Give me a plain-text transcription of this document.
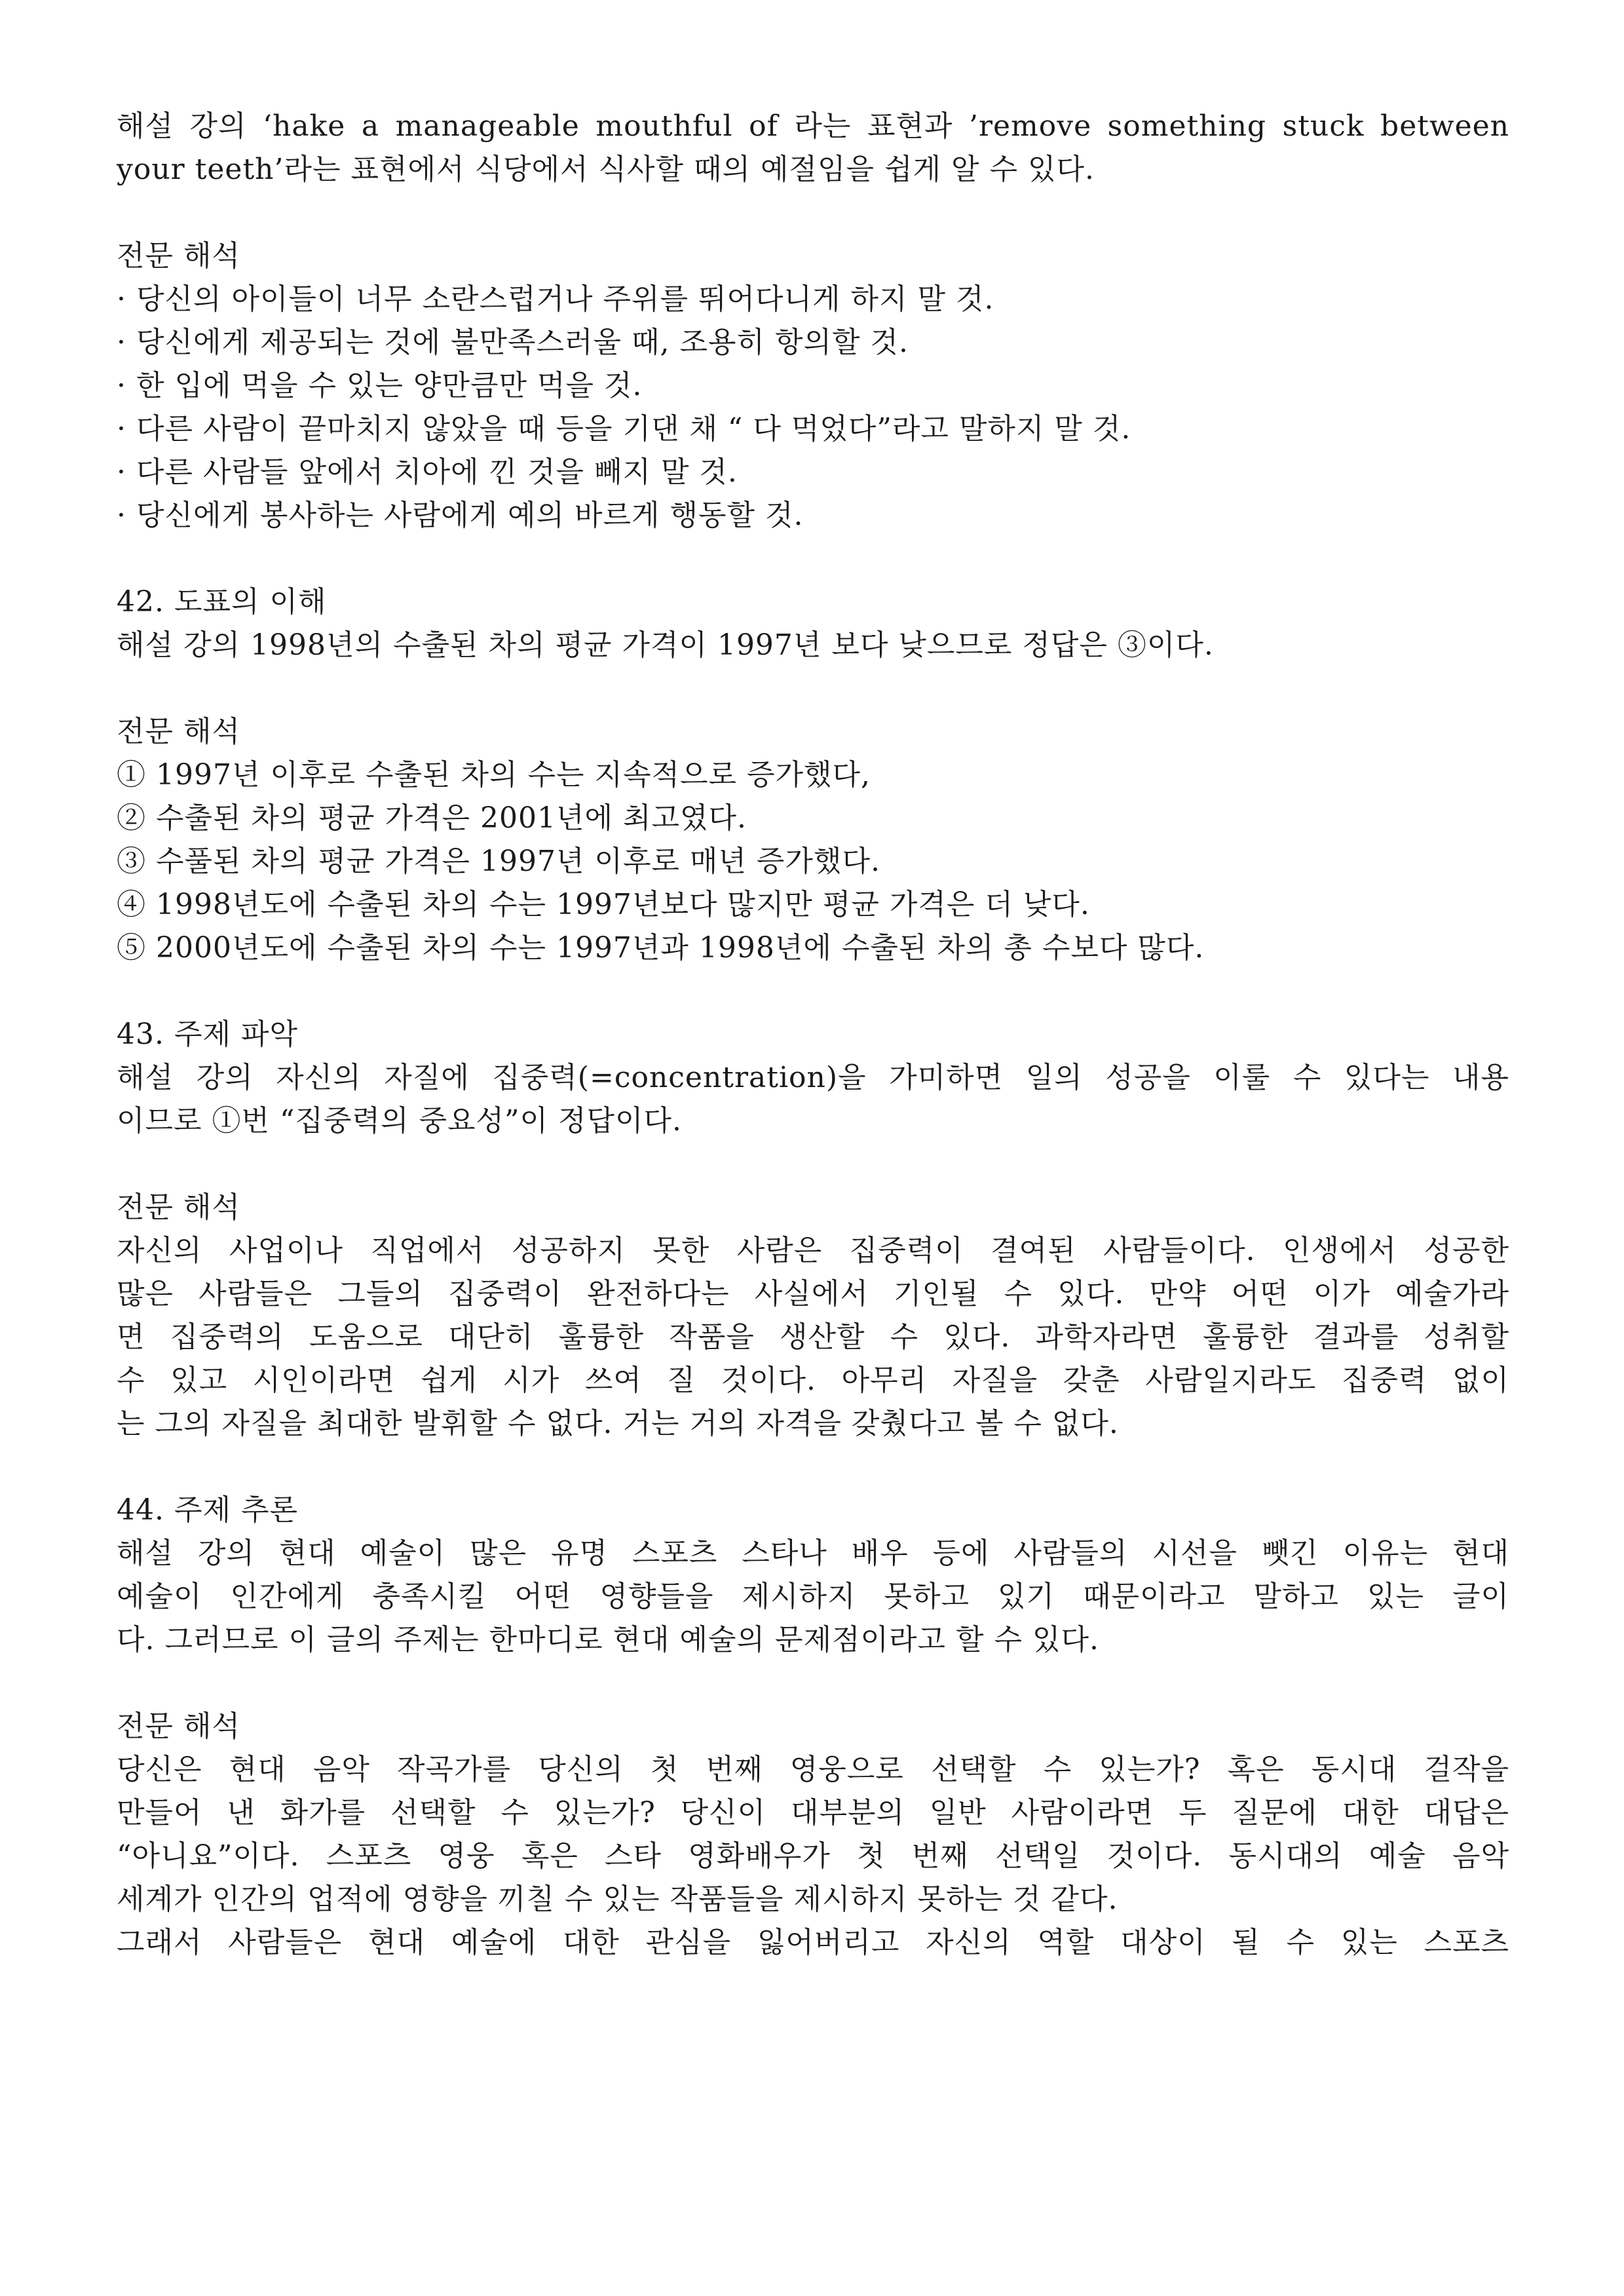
해설 강의 ‘hake a manageable mouthful of 라는 표현과 ’remove something stuck between
your teeth’라는 표현에서 식당에서 식사할 때의 예절임을 쉽게 알 수 있다.
전문 해석
· 당신의 아이들이 너무 소란스럽거나 주위를 뛰어다니게 하지 말 것.
· 당신에게 제공되는 것에 불만족스러울 때, 조용히 항의할 것.
· 한 입에 먹을 수 있는 양만큼만 먹을 것.
· 다른 사람이 끝마치지 않았을 때 등을 기댄 채 “ 다 먹었다”라고 말하지 말 것.
· 다른 사람들 앞에서 치아에 낀 것을 빼지 말 것.
· 당신에게 봉사하는 사람에게 예의 바르게 행동할 것.
42. 도표의 이해
해설 강의 1998년의 수출된 차의 평균 가격이 1997년 보다 낮으므로 정답은 ③이다.
전문 해석
① 1997년 이후로 수출된 차의 수는 지속적으로 증가했다,
② 수출된 차의 평균 가격은 2001년에 최고였다.
③ 수풀된 차의 평균 가격은 1997년 이후로 매년 증가했다.
④ 1998년도에 수출된 차의 수는 1997년보다 많지만 평균 가격은 더 낮다.
⑤ 2000년도에 수출된 차의 수는 1997년과 1998년에 수출된 차의 총 수보다 많다.
43. 주제 파악
해설 강의 자신의 자질에 집중력(=concentration)을 가미하면 일의 성공을 이룰 수 있다는 내용
이므로 ①번 “집중력의 중요성”이 정답이다.
전문 해석
자신의 사업이나 직업에서 성공하지 못한 사람은 집중력이 결여된 사람들이다. 인생에서 성공한
많은 사람들은 그들의 집중력이 완전하다는 사실에서 기인될 수 있다. 만약 어떤 이가 예술가라
면 집중력의 도움으로 대단히 훌륭한 작품을 생산할 수 있다. 과학자라면 훌륭한 결과를 성취할
수 있고 시인이라면 쉽게 시가 쓰여 질 것이다. 아무리 자질을 갖춘 사람일지라도 집중력 없이
는 그의 자질을 최대한 발휘할 수 없다. 거는 거의 자격을 갖췄다고 볼 수 없다.
44. 주제 추론
해설 강의 현대 예술이 많은 유명 스포츠 스타나 배우 등에 사람들의 시선을 뺏긴 이유는 현대
예술이 인간에게 충족시킬 어떤 영향들을 제시하지 못하고 있기 때문이라고 말하고 있는 글이
다. 그러므로 이 글의 주제는 한마디로 현대 예술의 문제점이라고 할 수 있다.
전문 해석
당신은 현대 음악 작곡가를 당신의 첫 번째 영웅으로 선택할 수 있는가? 혹은 동시대 걸작을
만들어 낸 화가를 선택할 수 있는가? 당신이 대부분의 일반 사람이라면 두 질문에 대한 대답은
“아니요”이다. 스포츠 영웅 혹은 스타 영화배우가 첫 번째 선택일 것이다. 동시대의 예술 음악
세계가 인간의 업적에 영향을 끼칠 수 있는 작품들을 제시하지 못하는 것 같다.
그래서 사람들은 현대 예술에 대한 관심을 잃어버리고 자신의 역할 대상이 될 수 있는 스포츠
